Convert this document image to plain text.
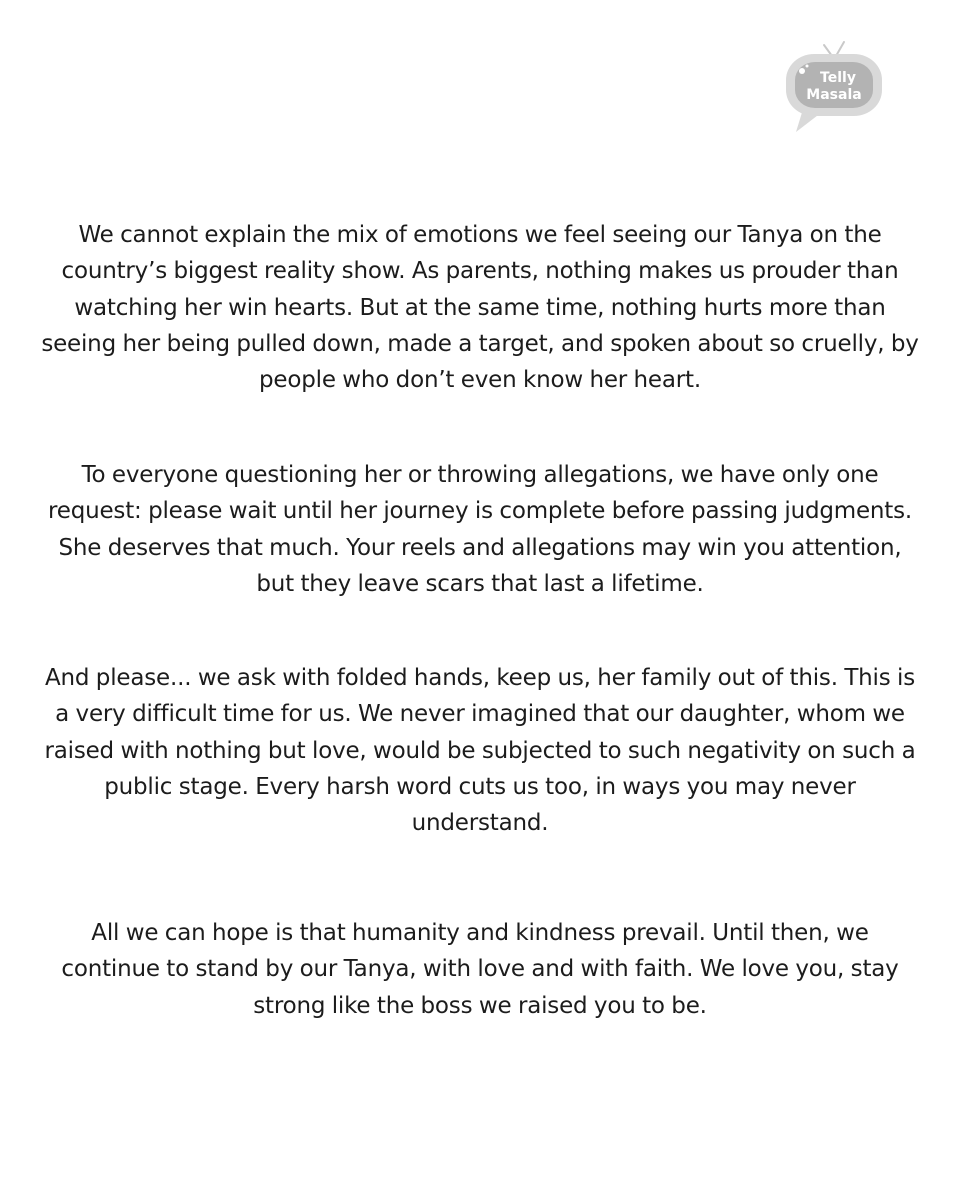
Telly
Masala

We cannot explain the mix of emotions we feel seeing our Tanya on the country’s biggest reality show. As parents, nothing makes us prouder than watching her win hearts. But at the same time, nothing hurts more than seeing her being pulled down, made a target, and spoken about so cruelly, by people who don’t even know her heart.

To everyone questioning her or throwing allegations, we have only one request: please wait until her journey is complete before passing judgments. She deserves that much. Your reels and allegations may win you attention, but they leave scars that last a lifetime.

And please... we ask with folded hands, keep us, her family out of this. This is a very difficult time for us. We never imagined that our daughter, whom we raised with nothing but love, would be subjected to such negativity on such a public stage. Every harsh word cuts us too, in ways you may never understand.

All we can hope is that humanity and kindness prevail. Until then, we continue to stand by our Tanya, with love and with faith. We love you, stay strong like the boss we raised you to be.
